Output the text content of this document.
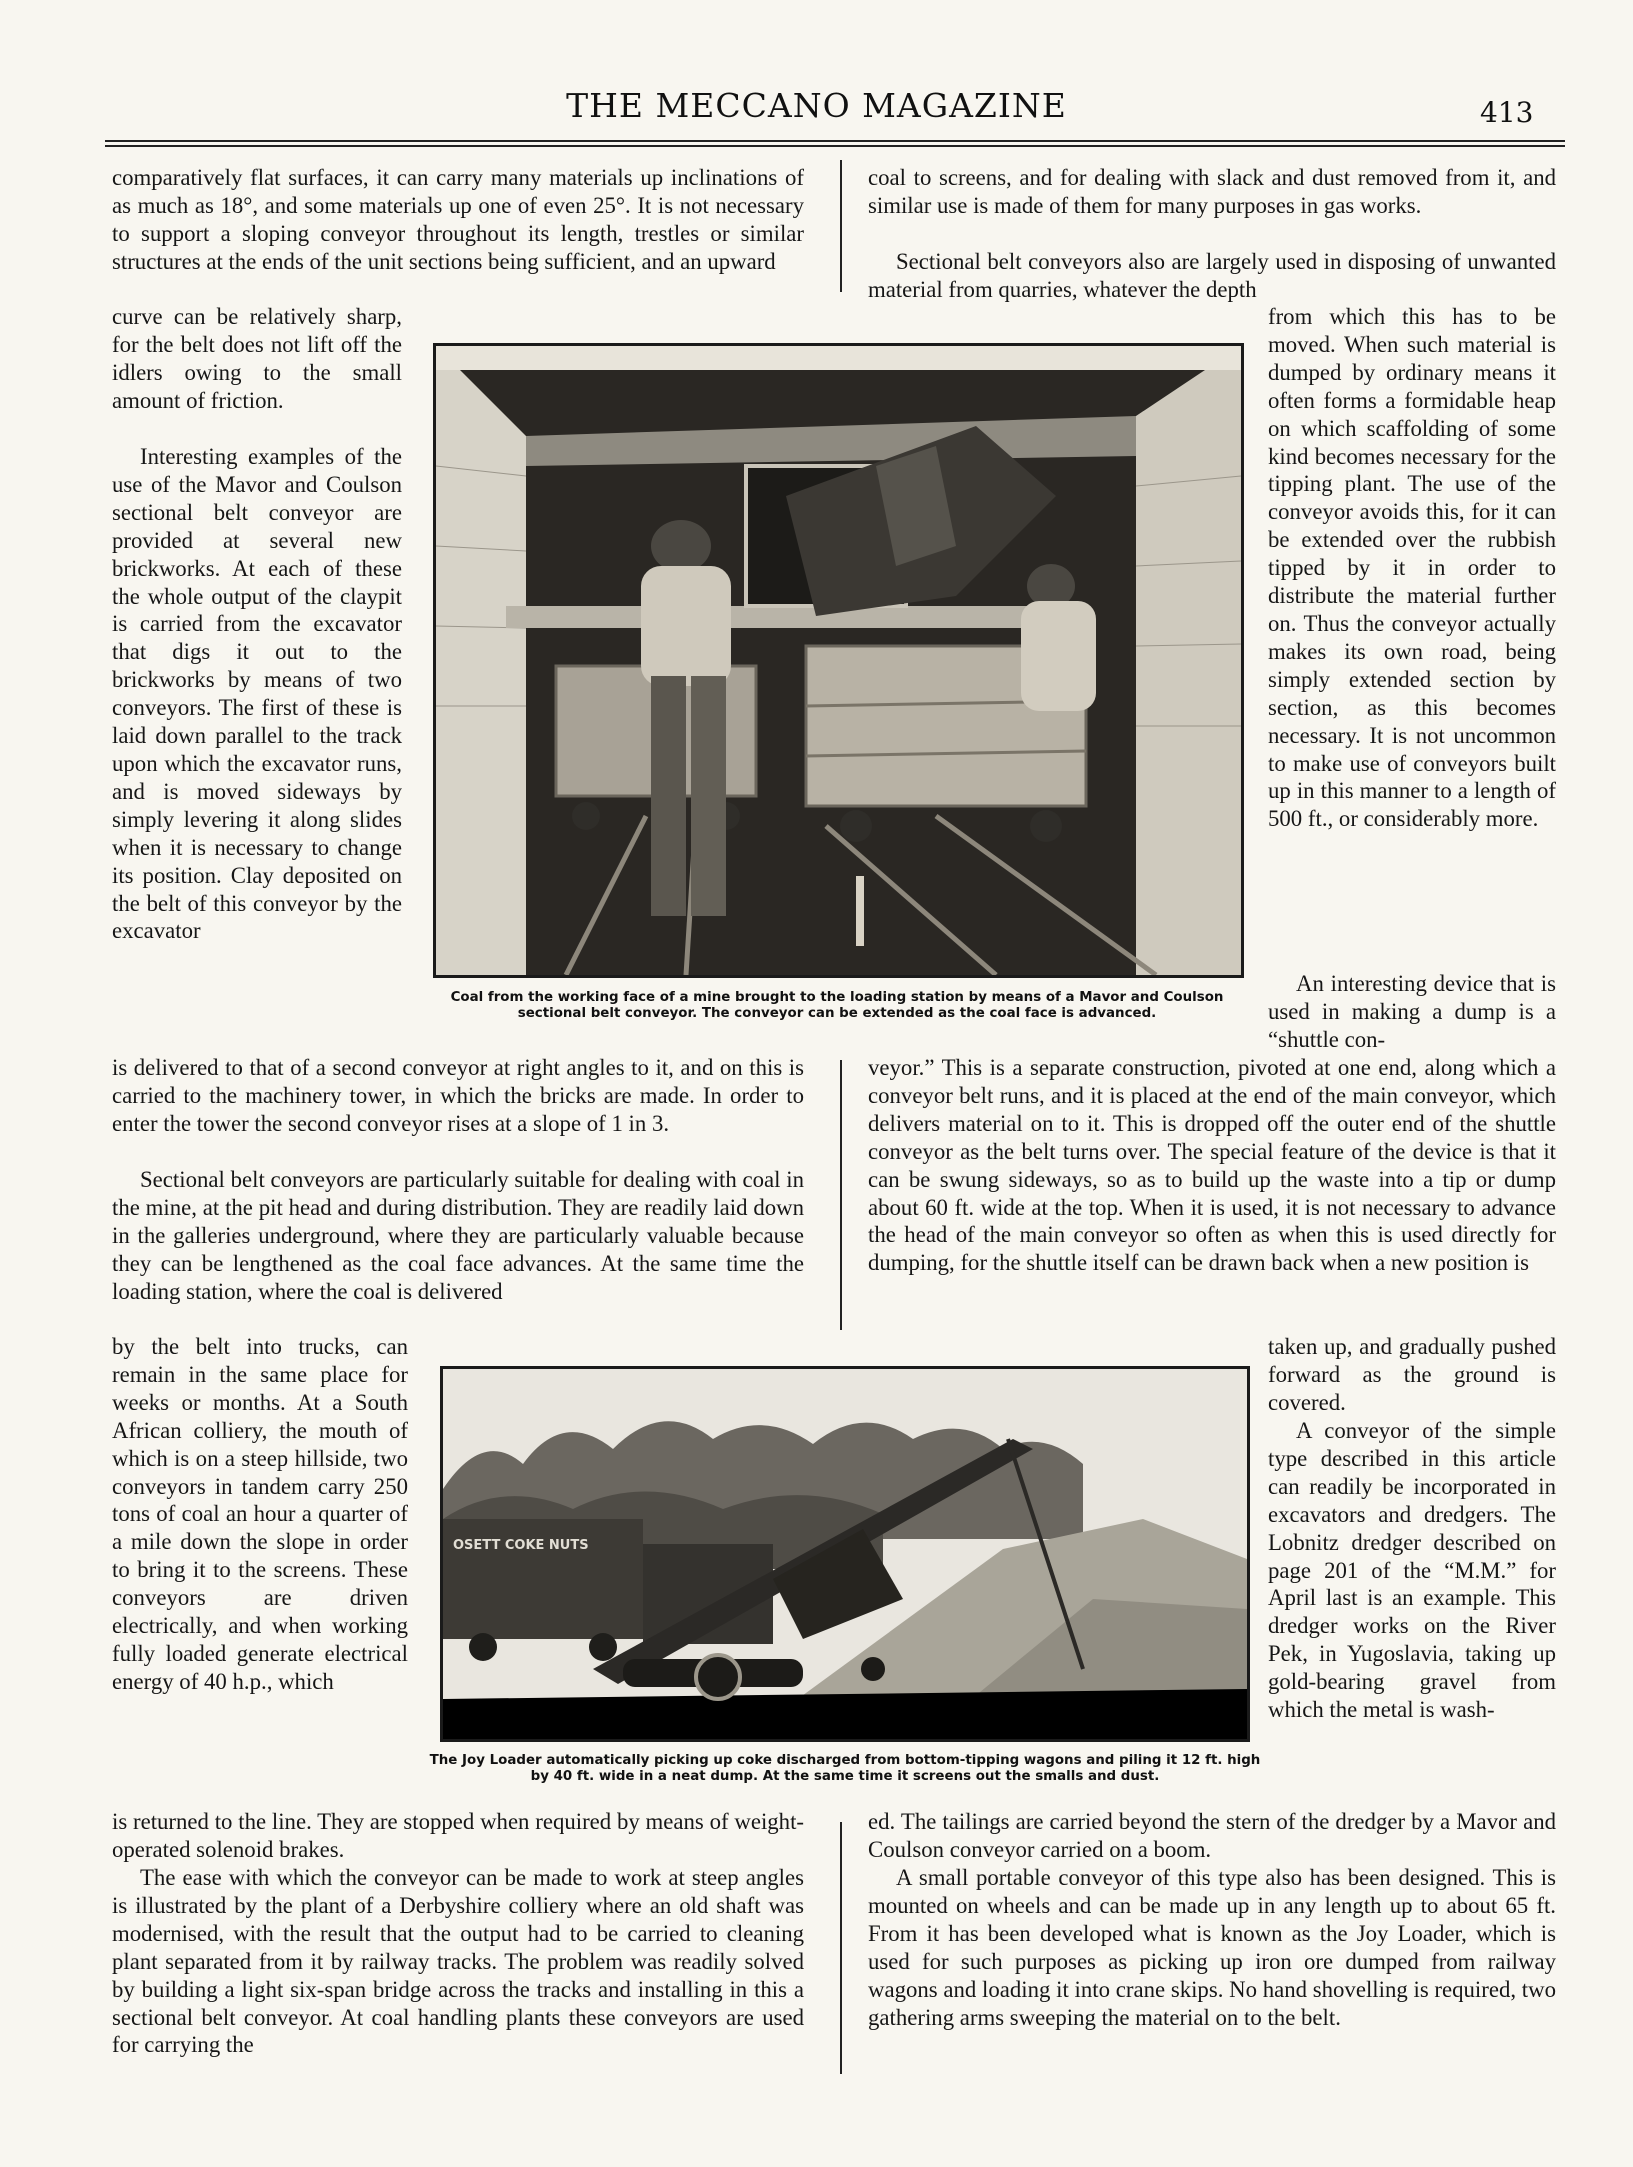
THE MECCANO MAGAZINE	413

comparatively flat surfaces, it can carry many materials up inclinations of as much as 18°, and some materials up one of even 25°. It is not necessary to support a sloping conveyor throughout its length, trestles or similar structures at the ends of the unit sections being sufficient, and an upward

curve can be relatively sharp, for the belt does not lift off the idlers owing to the small amount of friction.

Interesting examples of the use of the Mavor and Coulson sectional belt conveyor are provided at several new brickworks. At each of these the whole output of the claypit is carried from the excavator that digs it out to the brickworks by means of two conveyors. The first of these is laid down parallel to the track upon which the excavator runs, and is moved sideways by simply levering it along slides when it is necessary to change its position. Clay deposited on the belt of this conveyor by the excavator

is delivered to that of a second conveyor at right angles to it, and on this is carried to the machinery tower, in which the bricks are made. In order to enter the tower the second conveyor rises at a slope of 1 in 3.

Sectional belt conveyors are particularly suitable for dealing with coal in the mine, at the pit head and during distribution. They are readily laid down in the galleries underground, where they are particularly valuable because they can be lengthened as the coal face advances. At the same time the loading station, where the coal is delivered

by the belt into trucks, can remain in the same place for weeks or months. At a South African colliery, the mouth of which is on a steep hillside, two conveyors in tandem carry 250 tons of coal an hour a quarter of a mile down the slope in order to bring it to the screens. These conveyors are driven electrically, and when working fully loaded generate electrical energy of 40 h.p., which

is returned to the line. They are stopped when required by means of weight-operated solenoid brakes.

The ease with which the conveyor can be made to work at steep angles is illustrated by the plant of a Derbyshire colliery where an old shaft was modernised, with the result that the output had to be carried to cleaning plant separated from it by railway tracks. The problem was readily solved by building a light six-span bridge across the tracks and installing in this a sectional belt conveyor. At coal handling plants these conveyors are used for carrying the

coal to screens, and for dealing with slack and dust removed from it, and similar use is made of them for many purposes in gas works.

Sectional belt conveyors also are largely used in disposing of unwanted material from quarries, whatever the depth

from which this has to be moved. When such material is dumped by ordinary means it often forms a formidable heap on which scaffolding of some kind becomes necessary for the tipping plant. The use of the conveyor avoids this, for it can be extended over the rubbish tipped by it in order to distribute the material further on. Thus the conveyor actually makes its own road, being simply extended section by section, as this becomes necessary. It is not uncommon to make use of conveyors built up in this manner to a length of 500 ft., or considerably more.

An interesting device that is used in making a dump is a “shuttle con-

veyor.” This is a separate construction, pivoted at one end, along which a conveyor belt runs, and it is placed at the end of the main conveyor, which delivers material on to it. This is dropped off the outer end of the shuttle conveyor as the belt turns over. The special feature of the device is that it can be swung sideways, so as to build up the waste into a tip or dump about 60 ft. wide at the top. When it is used, it is not necessary to advance the head of the main conveyor so often as when this is used directly for dumping, for the shuttle itself can be drawn back when a new position is

taken up, and gradually pushed forward as the ground is covered.

A conveyor of the simple type described in this article can readily be incorporated in excavators and dredgers. The Lobnitz dredger described on page 201 of the “M.M.” for April last is an example. This dredger works on the River Pek, in Yugoslavia, taking up gold-bearing gravel from which the metal is wash-

ed. The tailings are carried beyond the stern of the dredger by a Mavor and Coulson conveyor carried on a boom.

A small portable conveyor of this type also has been designed. This is mounted on wheels and can be made up in any length up to about 65 ft. From it has been developed what is known as the Joy Loader, which is used for such purposes as picking up iron ore dumped from railway wagons and loading it into crane skips. No hand shovelling is required, two gathering arms sweeping the material on to the belt.

Coal from the working face of a mine brought to the loading station by means of a Mavor and Coulson sectional belt conveyor. The conveyor can be extended as the coal face is advanced.

OSETT COKE NUTS

The Joy Loader automatically picking up coke discharged from bottom-tipping wagons and piling it 12 ft. high by 40 ft. wide in a neat dump. At the same time it screens out the smalls and dust.
